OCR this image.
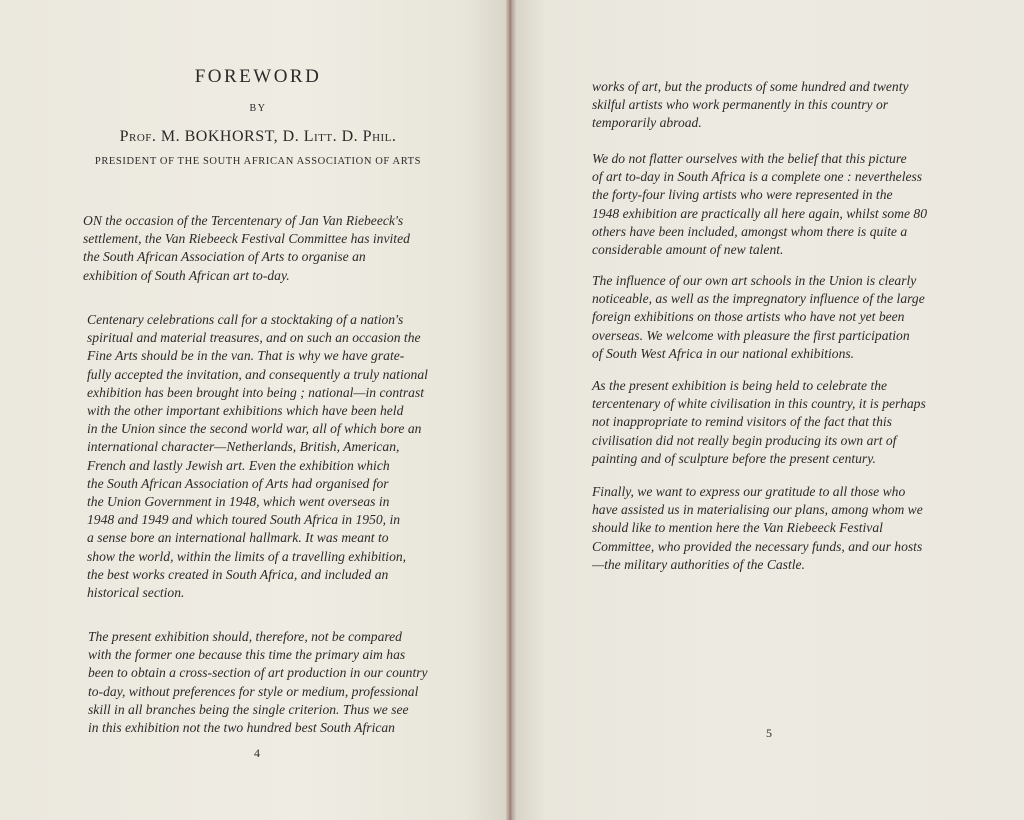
FOREWORD
BY
Prof. M. BOKHORST, D. Litt. D. Phil.
PRESIDENT OF THE SOUTH AFRICAN ASSOCIATION OF ARTS

ON the occasion of the Tercentenary of Jan Van Riebeeck's
settlement, the Van Riebeeck Festival Committee has invited
the South African Association of Arts to organise an
exhibition of South African art to-day.

Centenary celebrations call for a stocktaking of a nation's
spiritual and material treasures, and on such an occasion the
Fine Arts should be in the van. That is why we have grate-
fully accepted the invitation, and consequently a truly national
exhibition has been brought into being ; national—in contrast
with the other important exhibitions which have been held
in the Union since the second world war, all of which bore an
international character—Netherlands, British, American,
French and lastly Jewish art. Even the exhibition which
the South African Association of Arts had organised for
the Union Government in 1948, which went overseas in
1948 and 1949 and which toured South Africa in 1950, in
a sense bore an international hallmark. It was meant to
show the world, within the limits of a travelling exhibition,
the best works created in South Africa, and included an
historical section.

The present exhibition should, therefore, not be compared
with the former one because this time the primary aim has
been to obtain a cross-section of art production in our country
to-day, without preferences for style or medium, professional
skill in all branches being the single criterion. Thus we see
in this exhibition not the two hundred best South African

4

works of art, but the products of some hundred and twenty
skilful artists who work permanently in this country or
temporarily abroad.

We do not flatter ourselves with the belief that this picture
of art to-day in South Africa is a complete one : nevertheless
the forty-four living artists who were represented in the
1948 exhibition are practically all here again, whilst some 80
others have been included, amongst whom there is quite a
considerable amount of new talent.

The influence of our own art schools in the Union is clearly
noticeable, as well as the impregnatory influence of the large
foreign exhibitions on those artists who have not yet been
overseas. We welcome with pleasure the first participation
of South West Africa in our national exhibitions.

As the present exhibition is being held to celebrate the
tercentenary of white civilisation in this country, it is perhaps
not inappropriate to remind visitors of the fact that this
civilisation did not really begin producing its own art of
painting and of sculpture before the present century.

Finally, we want to express our gratitude to all those who
have assisted us in materialising our plans, among whom we
should like to mention here the Van Riebeeck Festival
Committee, who provided the necessary funds, and our hosts
—the military authorities of the Castle.

5
